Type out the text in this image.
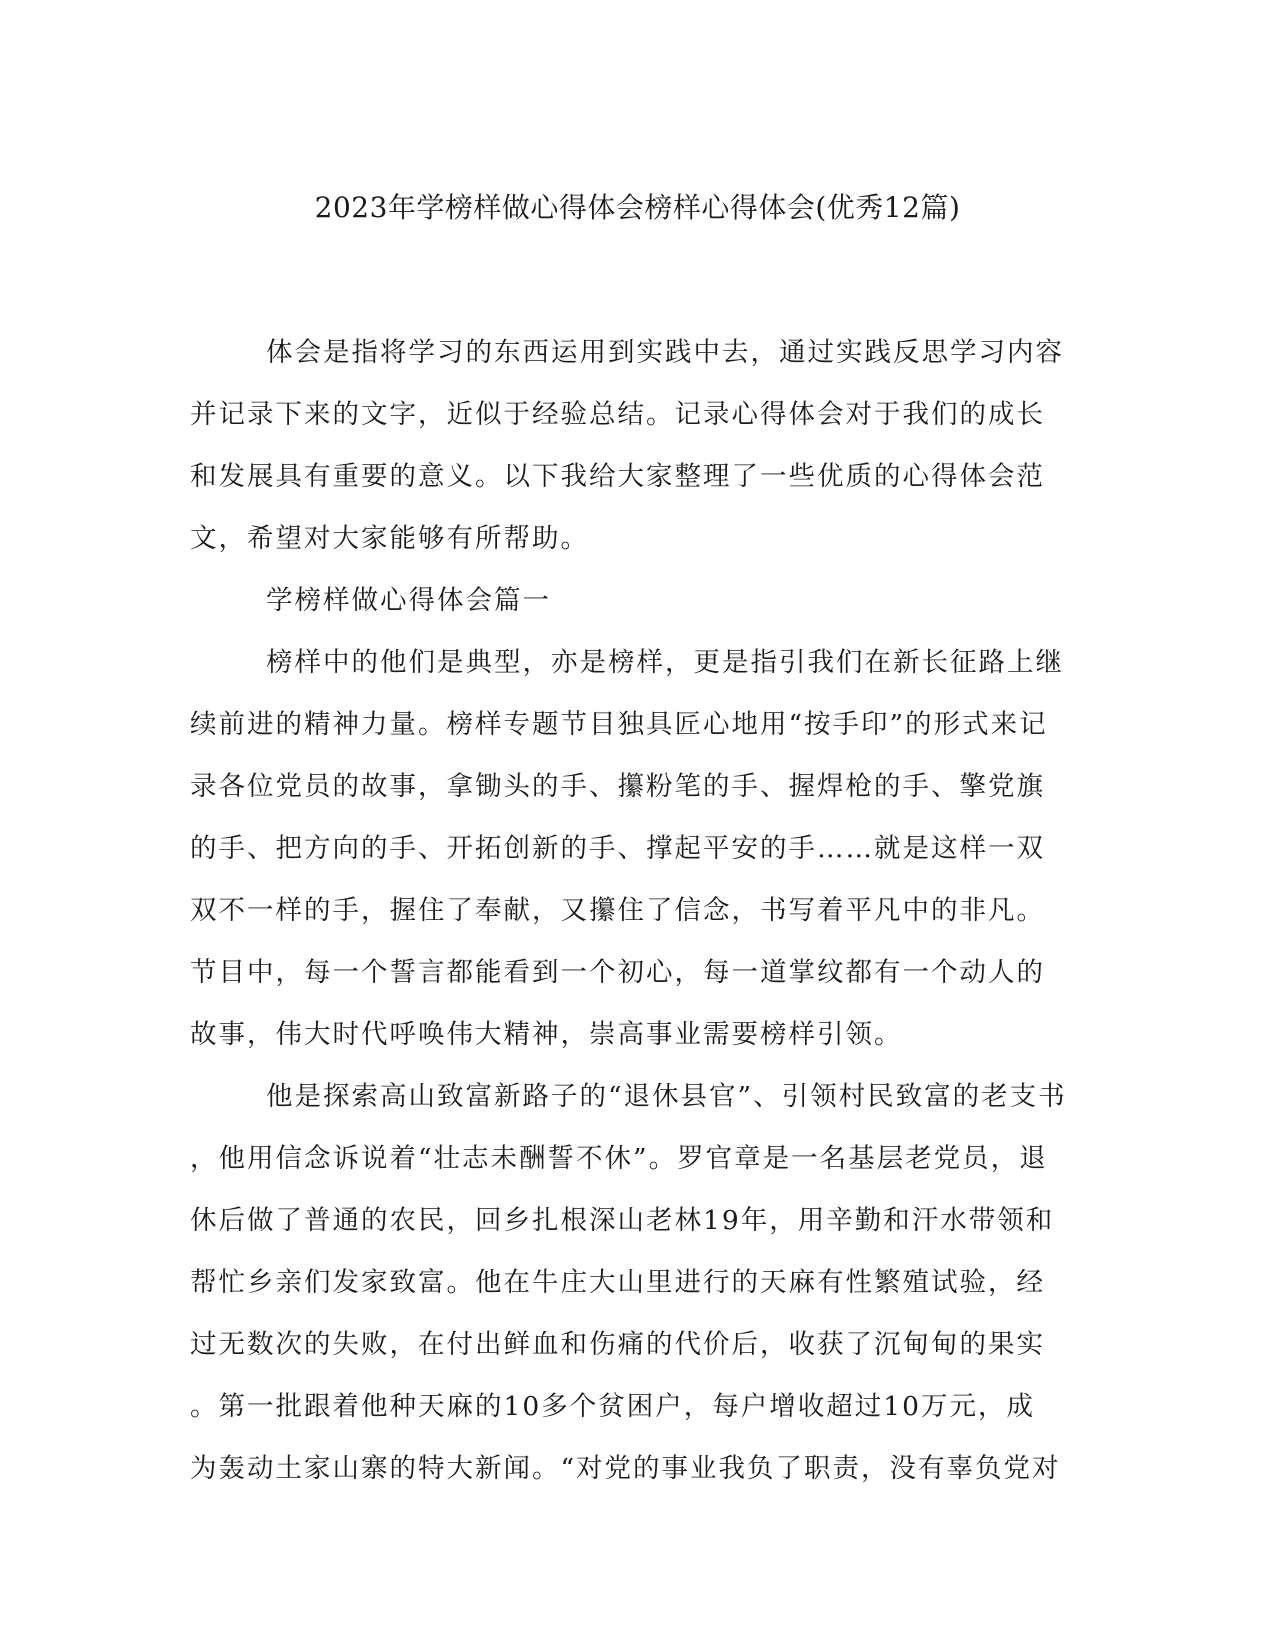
2023年学榜样做心得体会榜样心得体会(优秀12篇)
体会是指将学习的东西运用到实践中去，通过实践反思学习内容
并记录下来的文字，近似于经验总结。记录心得体会对于我们的成长
和发展具有重要的意义。以下我给大家整理了一些优质的心得体会范
文，希望对大家能够有所帮助。
学榜样做心得体会篇一
榜样中的他们是典型，亦是榜样，更是指引我们在新长征路上继
续前进的精神力量。榜样专题节目独具匠心地用“按手印”的形式来记
录各位党员的故事，拿锄头的手、攥粉笔的手、握焊枪的手、擎党旗
的手、把方向的手、开拓创新的手、撑起平安的手……就是这样一双
双不一样的手，握住了奉献，又攥住了信念，书写着平凡中的非凡。
节目中，每一个誓言都能看到一个初心，每一道掌纹都有一个动人的
故事，伟大时代呼唤伟大精神，崇高事业需要榜样引领。
他是探索高山致富新路子的“退休县官”、引领村民致富的老支书
，他用信念诉说着“壮志未酬誓不休”。罗官章是一名基层老党员，退
休后做了普通的农民，回乡扎根深山老林19年，用辛勤和汗水带领和
帮忙乡亲们发家致富。他在牛庄大山里进行的天麻有性繁殖试验，经
过无数次的失败，在付出鲜血和伤痛的代价后，收获了沉甸甸的果实
。第一批跟着他种天麻的10多个贫困户，每户增收超过10万元，成
为轰动土家山寨的特大新闻。“对党的事业我负了职责，没有辜负党对
